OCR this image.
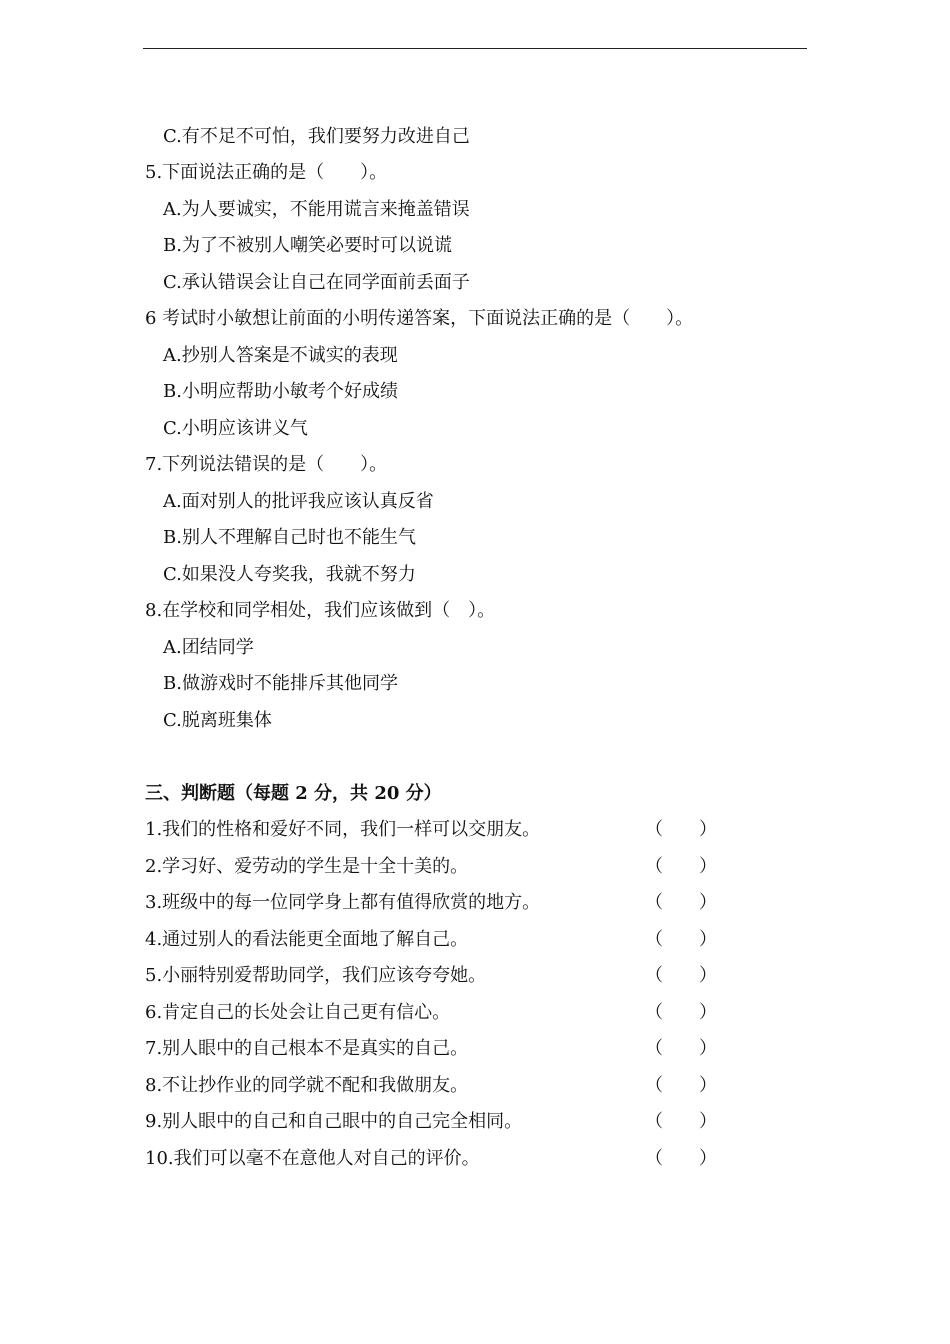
C.有不足不可怕，我们要努力改进自己
5.下面说法正确的是（　　）。
A.为人要诚实，不能用谎言来掩盖错误
B.为了不被别人嘲笑必要时可以说谎
C.承认错误会让自己在同学面前丢面子
6 考试时小敏想让前面的小明传递答案，下面说法正确的是（　　）。
A.抄别人答案是不诚实的表现
B.小明应帮助小敏考个好成绩
C.小明应该讲义气
7.下列说法错误的是（　　）。
A.面对别人的批评我应该认真反省
B.别人不理解自己时也不能生气
C.如果没人夸奖我，我就不努力
8.在学校和同学相处，我们应该做到（　）。
A.团结同学
B.做游戏时不能排斥其他同学
C.脱离班集体
三、判断题（每题 2 分，共 20 分）
1.我们的性格和爱好不同，我们一样可以交朋友。	（　　）
2.学习好、爱劳动的学生是十全十美的。	（　　）
3.班级中的每一位同学身上都有值得欣赏的地方。	（　　）
4.通过别人的看法能更全面地了解自己。	（　　）
5.小丽特别爱帮助同学，我们应该夸夸她。	（　　）
6.肯定自己的长处会让自己更有信心。	（　　）
7.别人眼中的自己根本不是真实的自己。	（　　）
8.不让抄作业的同学就不配和我做朋友。	（　　）
9.别人眼中的自己和自己眼中的自己完全相同。	（　　）
10.我们可以毫不在意他人对自己的评价。	（　　）
